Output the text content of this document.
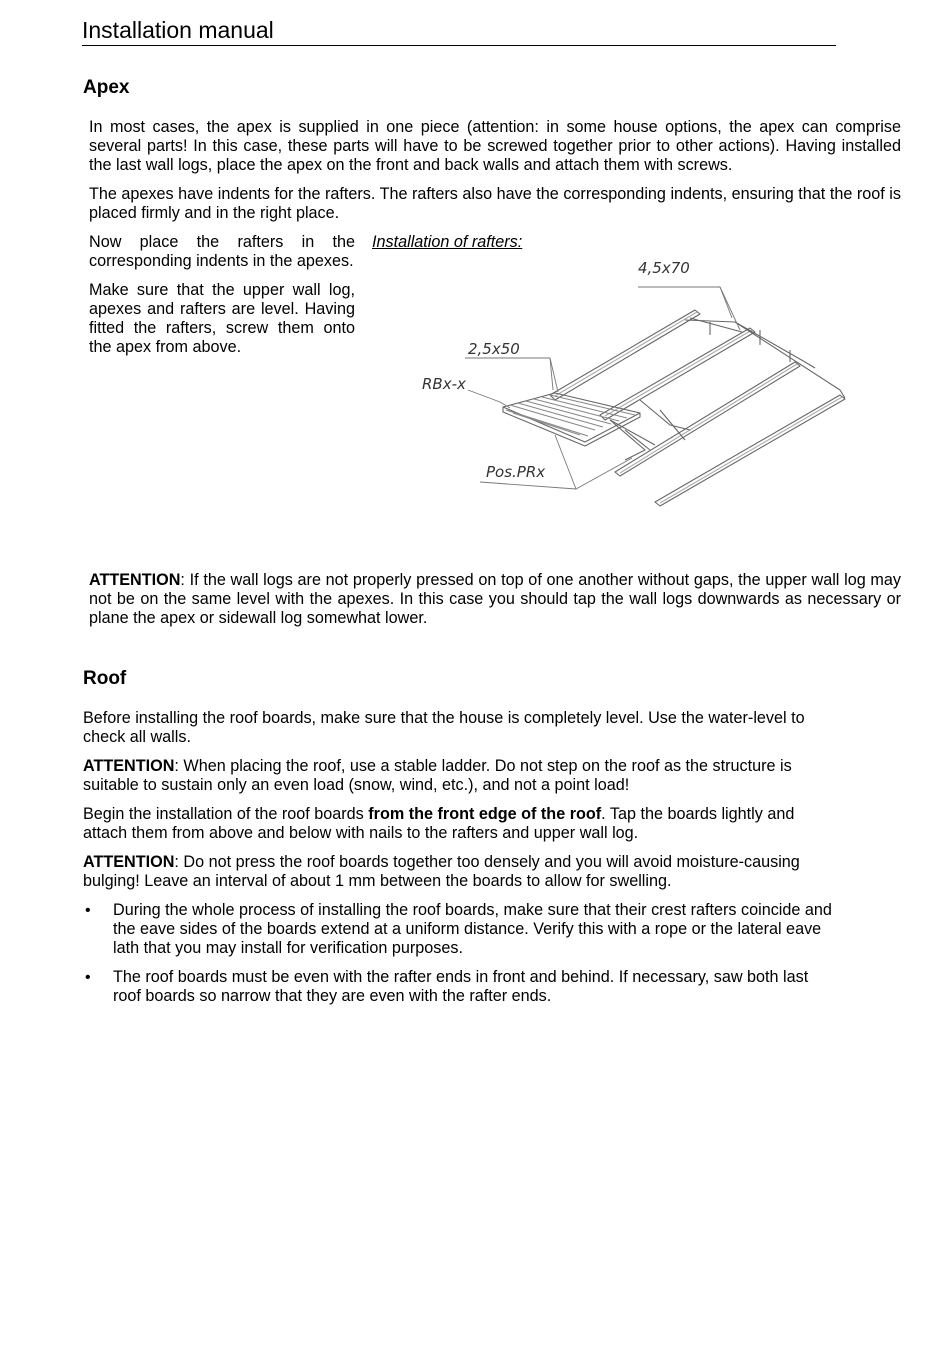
Installation manual
Apex

In most cases, the apex is supplied in one piece (attention: in some house options, the apex can comprise several parts! In this case, these parts will have to be screwed together prior to other actions). Having installed the last wall logs, place the apex on the front and back walls and attach them with screws.

The apexes have indents for the rafters. The rafters also have the corresponding indents, ensuring that the roof is placed firmly and in the right place.

Now place the rafters in the corresponding indents in the apexes.

Make sure that the upper wall log, apexes and rafters are level. Having fitted the rafters, screw them onto the apex from above.

Installation of rafters:
4,5x70
2,5x50
RBx-x
Pos.PRx

ATTENTION: If the wall logs are not properly pressed on top of one another without gaps, the upper wall log may not be on the same level with the apexes. In this case you should tap the wall logs downwards as necessary or plane the apex or sidewall log somewhat lower.

Roof

Before installing the roof boards, make sure that the house is completely level. Use the water-level to check all walls.

ATTENTION: When placing the roof, use a stable ladder. Do not step on the roof as the structure is suitable to sustain only an even load (snow, wind, etc.), and not a point load!

Begin the installation of the roof boards from the front edge of the roof. Tap the boards lightly and attach them from above and below with nails to the rafters and upper wall log.

ATTENTION: Do not press the roof boards together too densely and you will avoid moisture-causing bulging! Leave an interval of about 1 mm between the boards to allow for swelling.

• During the whole process of installing the roof boards, make sure that their crest rafters coincide and the eave sides of the boards extend at a uniform distance. Verify this with a rope or the lateral eave lath that you may install for verification purposes.
• The roof boards must be even with the rafter ends in front and behind. If necessary, saw both last roof boards so narrow that they are even with the rafter ends.
